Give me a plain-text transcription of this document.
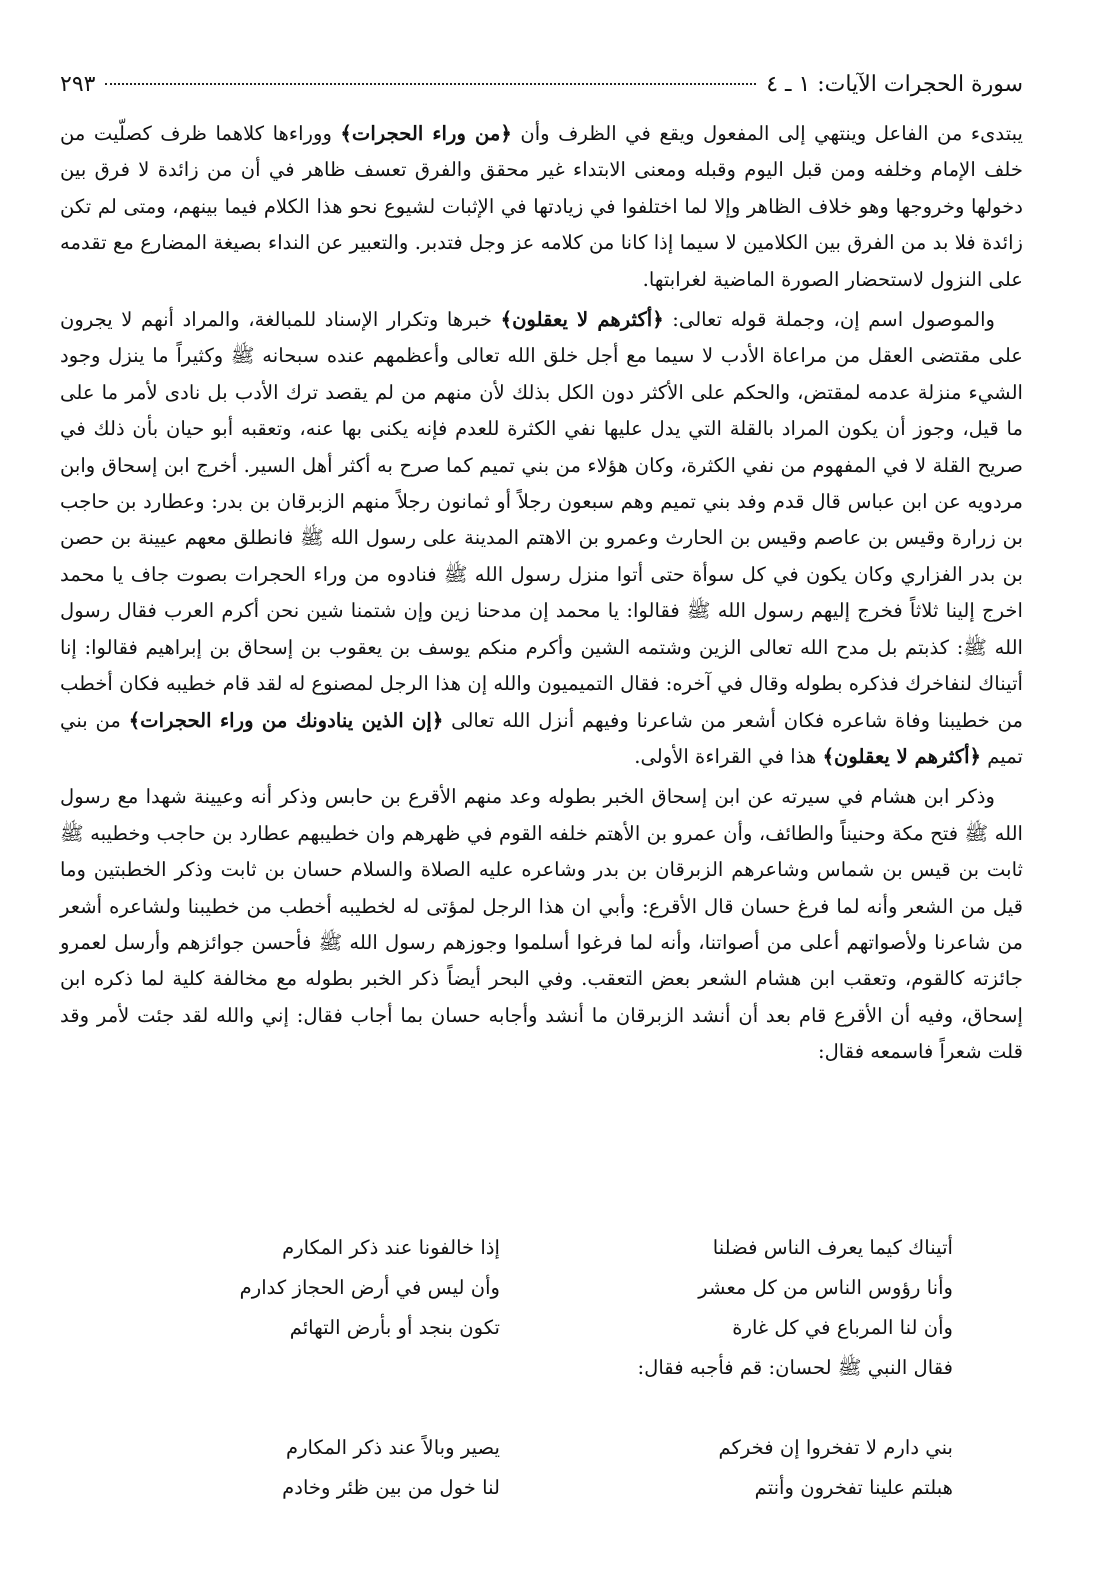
سورة الحجرات الآيات: ١ ـ ٤
٢٩٣

يبتدىء من الفاعل وينتهي إلى المفعول ويقع في الظرف وأن ﴿من وراء الحجرات﴾ ووراءها كلاهما ظرف كصلّيت من خلف الإمام وخلفه ومن قبل اليوم وقبله ومعنى الابتداء غير محقق والفرق تعسف ظاهر في أن من زائدة لا فرق بين دخولها وخروجها وهو خلاف الظاهر وإلا لما اختلفوا في زيادتها في الإثبات لشيوع نحو هذا الكلام فيما بينهم، ومتى لم تكن زائدة فلا بد من الفرق بين الكلامين لا سيما إذا كانا من كلامه عز وجل فتدبر. والتعبير عن النداء بصيغة المضارع مع تقدمه على النزول لاستحضار الصورة الماضية لغرابتها.

والموصول اسم إن، وجملة قوله تعالى: ﴿أكثرهم لا يعقلون﴾ خبرها وتكرار الإسناد للمبالغة، والمراد أنهم لا يجرون على مقتضى العقل من مراعاة الأدب لا سيما مع أجل خلق الله تعالى وأعظمهم عنده سبحانه ﷺ وكثيراً ما ينزل وجود الشيء منزلة عدمه لمقتض، والحكم على الأكثر دون الكل بذلك لأن منهم من لم يقصد ترك الأدب بل نادى لأمر ما على ما قيل، وجوز أن يكون المراد بالقلة التي يدل عليها نفي الكثرة للعدم فإنه يكنى بها عنه، وتعقبه أبو حيان بأن ذلك في صريح القلة لا في المفهوم من نفي الكثرة، وكان هؤلاء من بني تميم كما صرح به أكثر أهل السير. أخرج ابن إسحاق وابن مردويه عن ابن عباس قال قدم وفد بني تميم وهم سبعون رجلاً أو ثمانون رجلاً منهم الزبرقان بن بدر: وعطارد بن حاجب بن زرارة وقيس بن عاصم وقيس بن الحارث وعمرو بن الاهتم المدينة على رسول الله ﷺ فانطلق معهم عيينة بن حصن بن بدر الفزاري وكان يكون في كل سوأة حتى أتوا منزل رسول الله ﷺ فنادوه من وراء الحجرات بصوت جاف يا محمد اخرج إلينا ثلاثاً فخرج إليهم رسول الله ﷺ فقالوا: يا محمد إن مدحنا زين وإن شتمنا شين نحن أكرم العرب فقال رسول الله ﷺ: كذبتم بل مدح الله تعالى الزين وشتمه الشين وأكرم منكم يوسف بن يعقوب بن إسحاق بن إبراهيم فقالوا: إنا أتيناك لنفاخرك فذكره بطوله وقال في آخره: فقال التميميون والله إن هذا الرجل لمصنوع له لقد قام خطيبه فكان أخطب من خطيبنا وفاة شاعره فكان أشعر من شاعرنا وفيهم أنزل الله تعالى ﴿إن الذين ينادونك من وراء الحجرات﴾ من بني تميم ﴿أكثرهم لا يعقلون﴾ هذا في القراءة الأولى.

وذكر ابن هشام في سيرته عن ابن إسحاق الخبر بطوله وعد منهم الأقرع بن حابس وذكر أنه وعيينة شهدا مع رسول الله ﷺ فتح مكة وحنيناً والطائف، وأن عمرو بن الأهتم خلفه القوم في ظهرهم وان خطيبهم عطارد بن حاجب وخطيبه ﷺ ثابت بن قيس بن شماس وشاعرهم الزبرقان بن بدر وشاعره عليه الصلاة والسلام حسان بن ثابت وذكر الخطبتين وما قيل من الشعر وأنه لما فرغ حسان قال الأقرع: وأبي ان هذا الرجل لمؤتى له لخطيبه أخطب من خطيبنا ولشاعره أشعر من شاعرنا ولأصواتهم أعلى من أصواتنا، وأنه لما فرغوا أسلموا وجوزهم رسول الله ﷺ فأحسن جوائزهم وأرسل لعمرو جائزته كالقوم، وتعقب ابن هشام الشعر بعض التعقب. وفي البحر أيضاً ذكر الخبر بطوله مع مخالفة كلية لما ذكره ابن إسحاق، وفيه أن الأقرع قام بعد أن أنشد الزبرقان ما أنشد وأجابه حسان بما أجاب فقال: إني والله لقد جئت لأمر وقد قلت شعراً فاسمعه فقال:

أتيناك كيما يعرف الناس فضلنا
إذا خالفونا عند ذكر المكارم
وأنا رؤوس الناس من كل معشر
وأن ليس في أرض الحجاز كدارم
وأن لنا المرباع في كل غارة
تكون بنجد أو بأرض التهائم
فقال النبي ﷺ لحسان: قم فأجبه فقال:
بني دارم لا تفخروا إن فخركم
يصير وبالاً عند ذكر المكارم
هبلتم علينا تفخرون وأنتم
لنا خول من بين ظئر وخادم
